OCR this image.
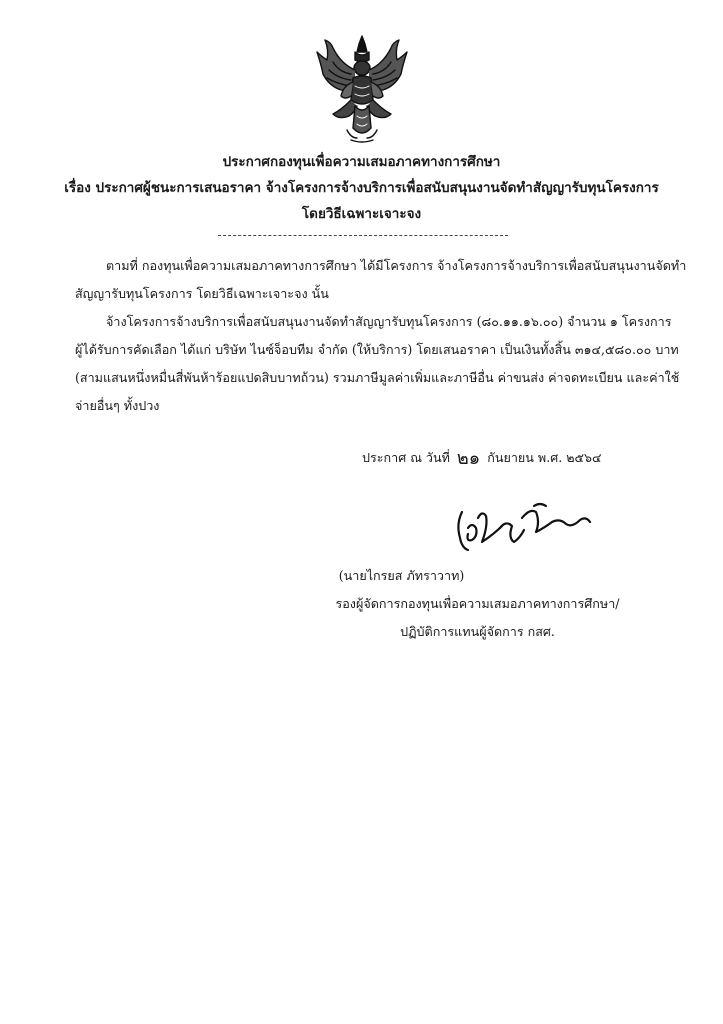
ประกาศกองทุนเพื่อความเสมอภาคทางการศึกษา
เรื่อง ประกาศผู้ชนะการเสนอราคา จ้างโครงการจ้างบริการเพื่อสนับสนุนงานจัดทำสัญญารับทุนโครงการ
โดยวิธีเฉพาะเจาะจง
ตามที่ กองทุนเพื่อความเสมอภาคทางการศึกษา ได้มีโครงการ จ้างโครงการจ้างบริการเพื่อสนับสนุนงานจัดทำ
สัญญารับทุนโครงการ โดยวิธีเฉพาะเจาะจง นั้น
จ้างโครงการจ้างบริการเพื่อสนับสนุนงานจัดทำสัญญารับทุนโครงการ (๘๐.๑๑.๑๖.๐๐) จำนวน ๑ โครงการ
ผู้ได้รับการคัดเลือก ได้แก่ บริษัท ไนซ์จ็อบทีม จำกัด (ให้บริการ) โดยเสนอราคา เป็นเงินทั้งสิ้น ๓๑๔,๕๘๐.๐๐ บาท
(สามแสนหนึ่งหมื่นสี่พันห้าร้อยแปดสิบบาทถ้วน) รวมภาษีมูลค่าเพิ่มและภาษีอื่น ค่าขนส่ง ค่าจดทะเบียน และค่าใช้
จ่ายอื่นๆ ทั้งปวง
ประกาศ ณ วันที่ ๒๑ กันยายน พ.ศ. ๒๕๖๔
(นายไกรยส ภัทราวาท)
รองผู้จัดการกองทุนเพื่อความเสมอภาคทางการศึกษา/
ปฏิบัติการแทนผู้จัดการ กสศ.
